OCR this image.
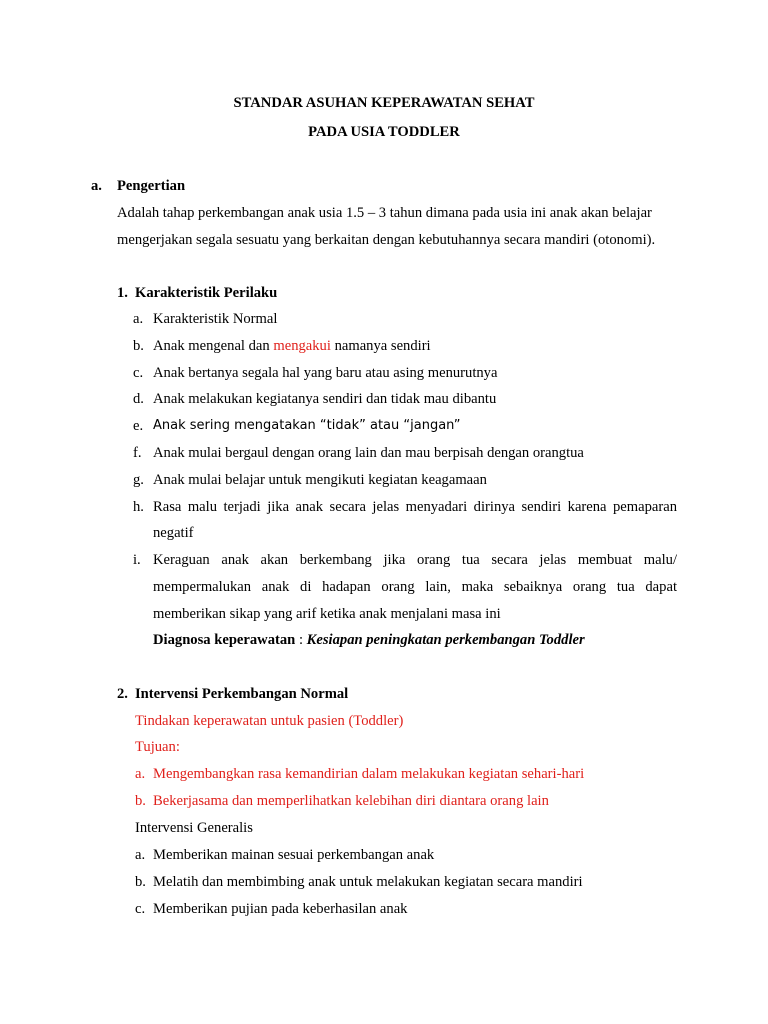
STANDAR ASUHAN KEPERAWATAN SEHAT
PADA USIA TODDLER
a. Pengertian
Adalah tahap perkembangan anak usia 1.5 – 3 tahun dimana pada usia ini anak akan belajar
mengerjakan segala sesuatu yang berkaitan dengan kebutuhannya secara mandiri (otonomi).
1. Karakteristik Perilaku
a. Karakteristik Normal
b. Anak mengenal dan mengakui namanya sendiri
c. Anak bertanya segala hal yang baru atau asing menurutnya
d. Anak melakukan kegiatanya sendiri dan tidak mau dibantu
e. Anak sering mengatakan “tidak” atau “jangan”
f. Anak mulai bergaul dengan orang lain dan mau berpisah dengan orangtua
g. Anak mulai belajar untuk mengikuti kegiatan keagamaan
h. Rasa malu terjadi jika anak secara jelas menyadari dirinya sendiri karena pemaparan
negatif
i. Keraguan anak akan berkembang jika orang tua secara jelas membuat malu/
mempermalukan anak di hadapan orang lain, maka sebaiknya orang tua dapat
memberikan sikap yang arif ketika anak menjalani masa ini
Diagnosa keperawatan : Kesiapan peningkatan perkembangan Toddler
2. Intervensi Perkembangan Normal
Tindakan keperawatan untuk pasien (Toddler)
Tujuan:
a. Mengembangkan rasa kemandirian dalam melakukan kegiatan sehari-hari
b. Bekerjasama dan memperlihatkan kelebihan diri diantara orang lain
Intervensi Generalis
a. Memberikan mainan sesuai perkembangan anak
b. Melatih dan membimbing anak untuk melakukan kegiatan secara mandiri
c. Memberikan pujian pada keberhasilan anak
